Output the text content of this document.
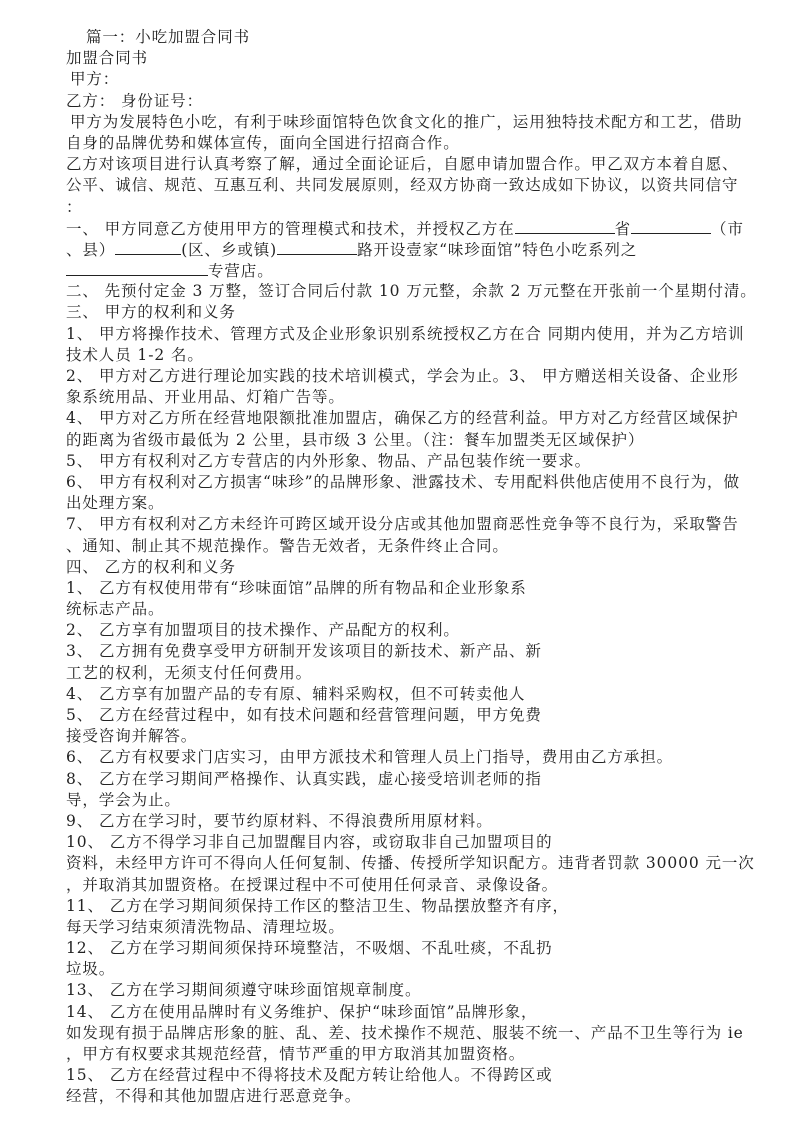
篇一：小吃加盟合同书
加盟合同书
甲方：
乙方： 身份证号：
甲方为发展特色小吃，有利于味珍面馆特色饮食文化的推广，运用独特技术配方和工艺，借助
自身的品牌优势和媒体宣传，面向全国进行招商合作。
乙方对该项目进行认真考察了解，通过全面论证后，自愿申请加盟合作。甲乙双方本着自愿、
公平、诚信、规范、互惠互利、共同发展原则，经双方协商一致达成如下协议，以资共同信守
：
一、 甲方同意乙方使用甲方的管理模式和技术，并授权乙方在	省	（市
、县）	(区、乡或镇)	路开设壹家“味珍面馆”特色小吃系列之
专营店。
二、 先预付定金 3 万整，签订合同后付款 10 万元整，余款 2 万元整在开张前一个星期付清。
三、 甲方的权利和义务
1、 甲方将操作技术、管理方式及企业形象识别系统授权乙方在合 同期内使用，并为乙方培训
技术人员 1-2 名。
2、 甲方对乙方进行理论加实践的技术培训模式，学会为止。3、 甲方赠送相关设备、企业形
象系统用品、开业用品、灯箱广告等。
4、 甲方对乙方所在经营地限额批准加盟店，确保乙方的经营利益。甲方对乙方经营区域保护
的距离为省级市最低为 2 公里，县市级 3 公里。（注：餐车加盟类无区域保护）
5、 甲方有权利对乙方专营店的内外形象、物品、产品包装作统一要求。
6、 甲方有权利对乙方损害“味珍”的品牌形象、泄露技术、专用配料供他店使用不良行为，做
出处理方案。
7、 甲方有权利对乙方未经许可跨区域开设分店或其他加盟商恶性竞争等不良行为，采取警告
、通知、制止其不规范操作。警告无效者，无条件终止合同。
四、 乙方的权利和义务
1、 乙方有权使用带有“珍味面馆”品牌的所有物品和企业形象系
统标志产品。
2、 乙方享有加盟项目的技术操作、产品配方的权利。
3、 乙方拥有免费享受甲方研制开发该项目的新技术、新产品、新
工艺的权利，无须支付任何费用。
4、 乙方享有加盟产品的专有原、辅料采购权，但不可转卖他人
5、 乙方在经营过程中，如有技术问题和经营管理问题，甲方免费
接受咨询并解答。
6、 乙方有权要求门店实习，由甲方派技术和管理人员上门指导，费用由乙方承担。
8、 乙方在学习期间严格操作、认真实践，虚心接受培训老师的指
导，学会为止。
9、 乙方在学习时，要节约原材料、不得浪费所用原材料。
10、 乙方不得学习非自己加盟醒目内容，或窃取非自己加盟项目的
资料，未经甲方许可不得向人任何复制、传播、传授所学知识配方。违背者罚款 30000 元一次
，并取消其加盟资格。在授课过程中不可使用任何录音、录像设备。
11、 乙方在学习期间须保持工作区的整洁卫生、物品摆放整齐有序，
每天学习结束须清洗物品、清理垃圾。
12、 乙方在学习期间须保持环境整洁，不吸烟、不乱吐痰，不乱扔
垃圾。
13、 乙方在学习期间须遵守味珍面馆规章制度。
14、 乙方在使用品牌时有义务维护、保护“味珍面馆”品牌形象，
如发现有损于品牌店形象的脏、乱、差、技术操作不规范、服装不统一、产品不卫生等行为 ie
，甲方有权要求其规范经营，情节严重的甲方取消其加盟资格。
15、 乙方在经营过程中不得将技术及配方转让给他人。不得跨区或
经营，不得和其他加盟店进行恶意竞争。
